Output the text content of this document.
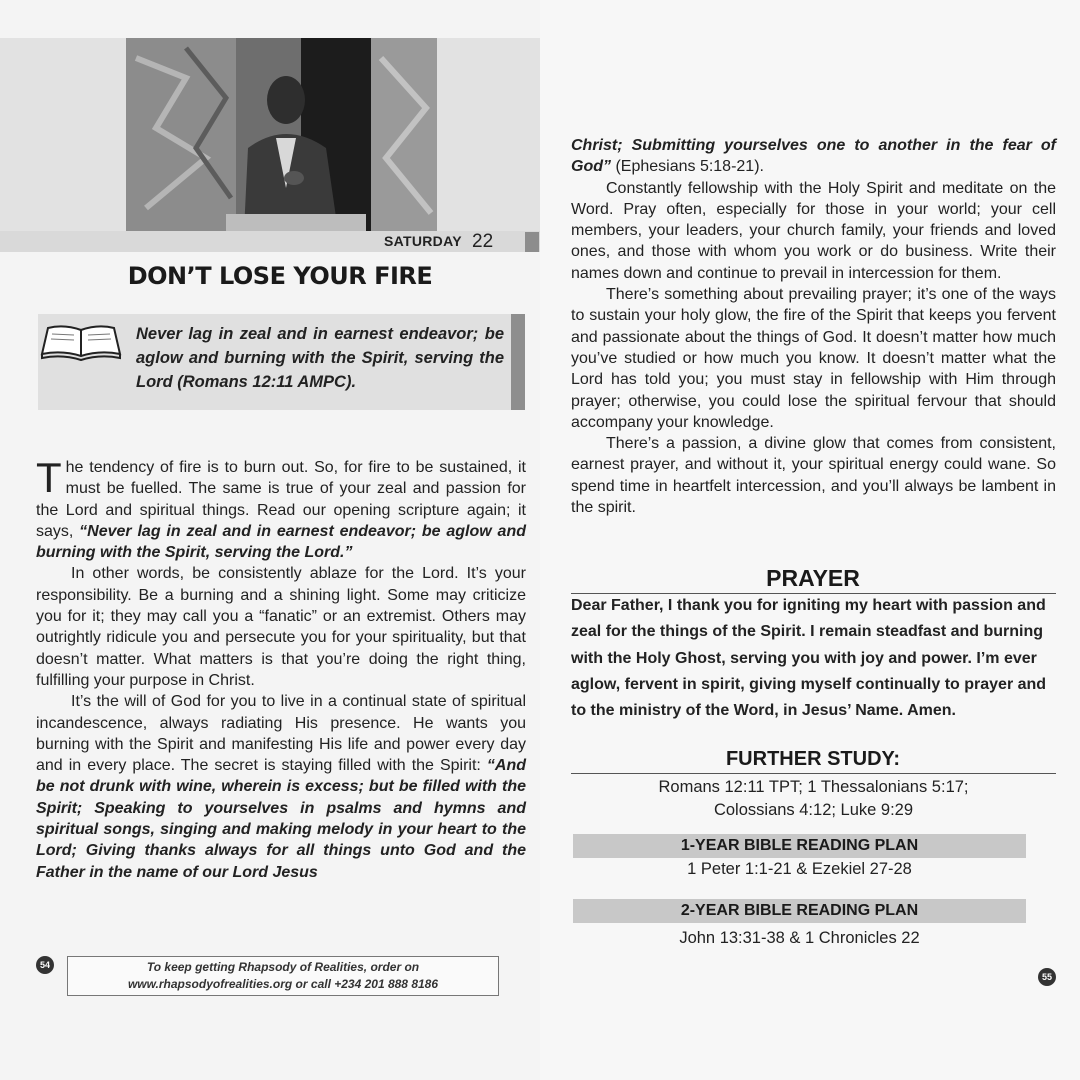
SATURDAY 22
DON’T LOSE YOUR FIRE
Never lag in zeal and in earnest endeavor; be aglow and burning with the Spirit, serving the Lord (Romans 12:11 AMPC).

The tendency of fire is to burn out. So, for fire to be sustained, it must be fuelled. The same is true of your zeal and passion for the Lord and spiritual things. Read our opening scripture again; it says, “Never lag in zeal and in earnest endeavor; be aglow and burning with the Spirit, serving the Lord.”

In other words, be consistently ablaze for the Lord. It’s your responsibility. Be a burning and a shining light. Some may criticize you for it; they may call you a “fanatic” or an extremist. Others may outrightly ridicule you and persecute you for your spirituality, but that doesn’t matter. What matters is that you’re doing the right thing, fulfilling your purpose in Christ.

It’s the will of God for you to live in a continual state of spiritual incandescence, always radiating His presence. He wants you burning with the Spirit and manifesting His life and power every day and in every place. The secret is staying filled with the Spirit: “And be not drunk with wine, wherein is excess; but be filled with the Spirit; Speaking to yourselves in psalms and hymns and spiritual songs, singing and making melody in your heart to the Lord; Giving thanks always for all things unto God and the Father in the name of our Lord Jesus

54	To keep getting Rhapsody of Realities, order on
www.rhapsodyofrealities.org or call +234 201 888 8186

Christ; Submitting yourselves one to another in the fear of God” (Ephesians 5:18-21).

Constantly fellowship with the Holy Spirit and meditate on the Word. Pray often, especially for those in your world; your cell members, your leaders, your church family, your friends and loved ones, and those with whom you work or do business. Write their names down and continue to prevail in intercession for them.

There’s something about prevailing prayer; it’s one of the ways to sustain your holy glow, the fire of the Spirit that keeps you fervent and passionate about the things of God. It doesn’t matter how much you’ve studied or how much you know. It doesn’t matter what the Lord has told you; you must stay in fellowship with Him through prayer; otherwise, you could lose the spiritual fervour that should accompany your knowledge.

There’s a passion, a divine glow that comes from consistent, earnest prayer, and without it, your spiritual energy could wane. So spend time in heartfelt intercession, and you’ll always be lambent in the spirit.

PRAYER
Dear Father, I thank you for igniting my heart with passion and zeal for the things of the Spirit. I remain steadfast and burning with the Holy Ghost, serving you with joy and power. I’m ever aglow, fervent in spirit, giving myself continually to prayer and to the ministry of the Word, in Jesus’ Name. Amen.
FURTHER STUDY:
Romans 12:11 TPT; 1 Thessalonians 5:17;
Colossians 4:12; Luke 9:29
1-YEAR BIBLE READING PLAN
1 Peter 1:1-21 & Ezekiel 27-28
2-YEAR BIBLE READING PLAN
John 13:31-38 & 1 Chronicles 22
55
